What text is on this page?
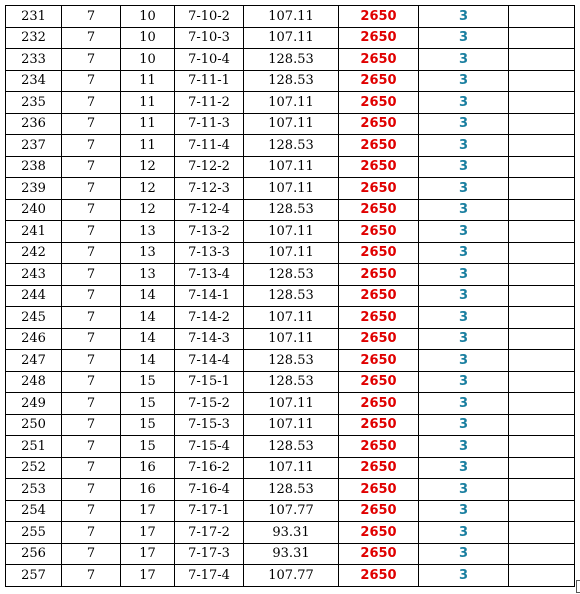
231	7	10	7-10-2	107.11	2650	3	
232	7	10	7-10-3	107.11	2650	3	
233	7	10	7-10-4	128.53	2650	3	
234	7	11	7-11-1	128.53	2650	3	
235	7	11	7-11-2	107.11	2650	3	
236	7	11	7-11-3	107.11	2650	3	
237	7	11	7-11-4	128.53	2650	3	
238	7	12	7-12-2	107.11	2650	3	
239	7	12	7-12-3	107.11	2650	3	
240	7	12	7-12-4	128.53	2650	3	
241	7	13	7-13-2	107.11	2650	3	
242	7	13	7-13-3	107.11	2650	3	
243	7	13	7-13-4	128.53	2650	3	
244	7	14	7-14-1	128.53	2650	3	
245	7	14	7-14-2	107.11	2650	3	
246	7	14	7-14-3	107.11	2650	3	
247	7	14	7-14-4	128.53	2650	3	
248	7	15	7-15-1	128.53	2650	3	
249	7	15	7-15-2	107.11	2650	3	
250	7	15	7-15-3	107.11	2650	3	
251	7	15	7-15-4	128.53	2650	3	
252	7	16	7-16-2	107.11	2650	3	
253	7	16	7-16-4	128.53	2650	3	
254	7	17	7-17-1	107.77	2650	3	
255	7	17	7-17-2	93.31	2650	3	
256	7	17	7-17-3	93.31	2650	3	
257	7	17	7-17-4	107.77	2650	3	
